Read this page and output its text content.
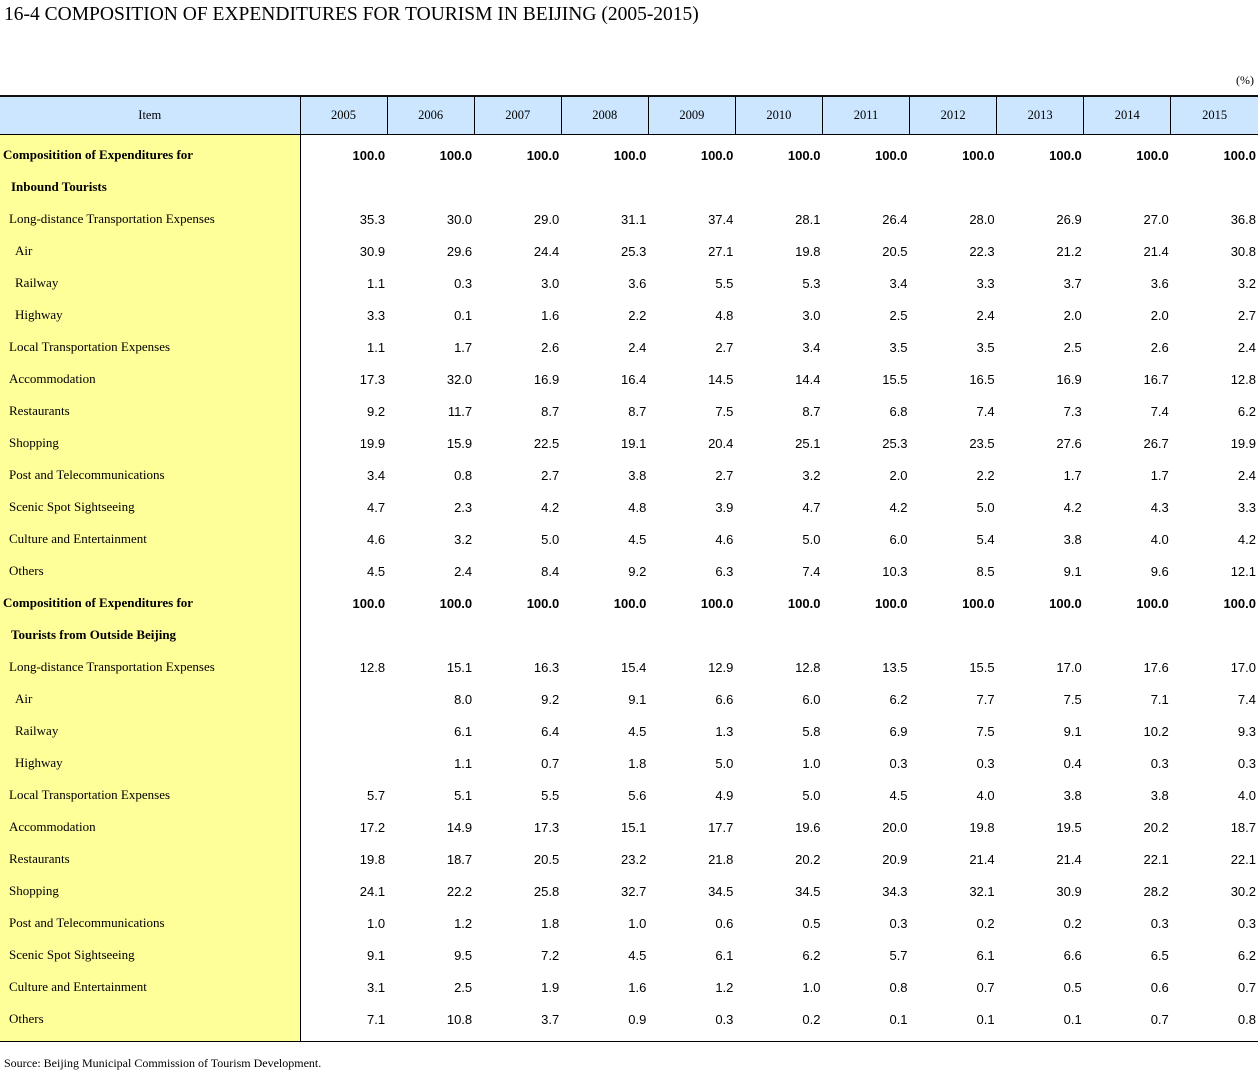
16-4 COMPOSITION OF EXPENDITURES FOR TOURISM IN BEIJING (2005-2015)
(%)
Item	2005	2006	2007	2008	2009	2010	2011	2012	2013	2014	2015
Compositition of Expenditures for	100.0	100.0	100.0	100.0	100.0	100.0	100.0	100.0	100.0	100.0	100.0
Inbound Tourists											
Long-distance Transportation Expenses	35.3	30.0	29.0	31.1	37.4	28.1	26.4	28.0	26.9	27.0	36.8
Air	30.9	29.6	24.4	25.3	27.1	19.8	20.5	22.3	21.2	21.4	30.8
Railway	1.1	0.3	3.0	3.6	5.5	5.3	3.4	3.3	3.7	3.6	3.2
Highway	3.3	0.1	1.6	2.2	4.8	3.0	2.5	2.4	2.0	2.0	2.7
Local Transportation Expenses	1.1	1.7	2.6	2.4	2.7	3.4	3.5	3.5	2.5	2.6	2.4
Accommodation	17.3	32.0	16.9	16.4	14.5	14.4	15.5	16.5	16.9	16.7	12.8
Restaurants	9.2	11.7	8.7	8.7	7.5	8.7	6.8	7.4	7.3	7.4	6.2
Shopping	19.9	15.9	22.5	19.1	20.4	25.1	25.3	23.5	27.6	26.7	19.9
Post and Telecommunications	3.4	0.8	2.7	3.8	2.7	3.2	2.0	2.2	1.7	1.7	2.4
Scenic Spot Sightseeing	4.7	2.3	4.2	4.8	3.9	4.7	4.2	5.0	4.2	4.3	3.3
Culture and Entertainment	4.6	3.2	5.0	4.5	4.6	5.0	6.0	5.4	3.8	4.0	4.2
Others	4.5	2.4	8.4	9.2	6.3	7.4	10.3	8.5	9.1	9.6	12.1
Compositition of Expenditures for	100.0	100.0	100.0	100.0	100.0	100.0	100.0	100.0	100.0	100.0	100.0
Tourists from Outside Beijing											
Long-distance Transportation Expenses	12.8	15.1	16.3	15.4	12.9	12.8	13.5	15.5	17.0	17.6	17.0
Air		8.0	9.2	9.1	6.6	6.0	6.2	7.7	7.5	7.1	7.4
Railway		6.1	6.4	4.5	1.3	5.8	6.9	7.5	9.1	10.2	9.3
Highway		1.1	0.7	1.8	5.0	1.0	0.3	0.3	0.4	0.3	0.3
Local Transportation Expenses	5.7	5.1	5.5	5.6	4.9	5.0	4.5	4.0	3.8	3.8	4.0
Accommodation	17.2	14.9	17.3	15.1	17.7	19.6	20.0	19.8	19.5	20.2	18.7
Restaurants	19.8	18.7	20.5	23.2	21.8	20.2	20.9	21.4	21.4	22.1	22.1
Shopping	24.1	22.2	25.8	32.7	34.5	34.5	34.3	32.1	30.9	28.2	30.2
Post and Telecommunications	1.0	1.2	1.8	1.0	0.6	0.5	0.3	0.2	0.2	0.3	0.3
Scenic Spot Sightseeing	9.1	9.5	7.2	4.5	6.1	6.2	5.7	6.1	6.6	6.5	6.2
Culture and Entertainment	3.1	2.5	1.9	1.6	1.2	1.0	0.8	0.7	0.5	0.6	0.7
Others	7.1	10.8	3.7	0.9	0.3	0.2	0.1	0.1	0.1	0.7	0.8
Source: Beijing Municipal Commission of Tourism Development.
